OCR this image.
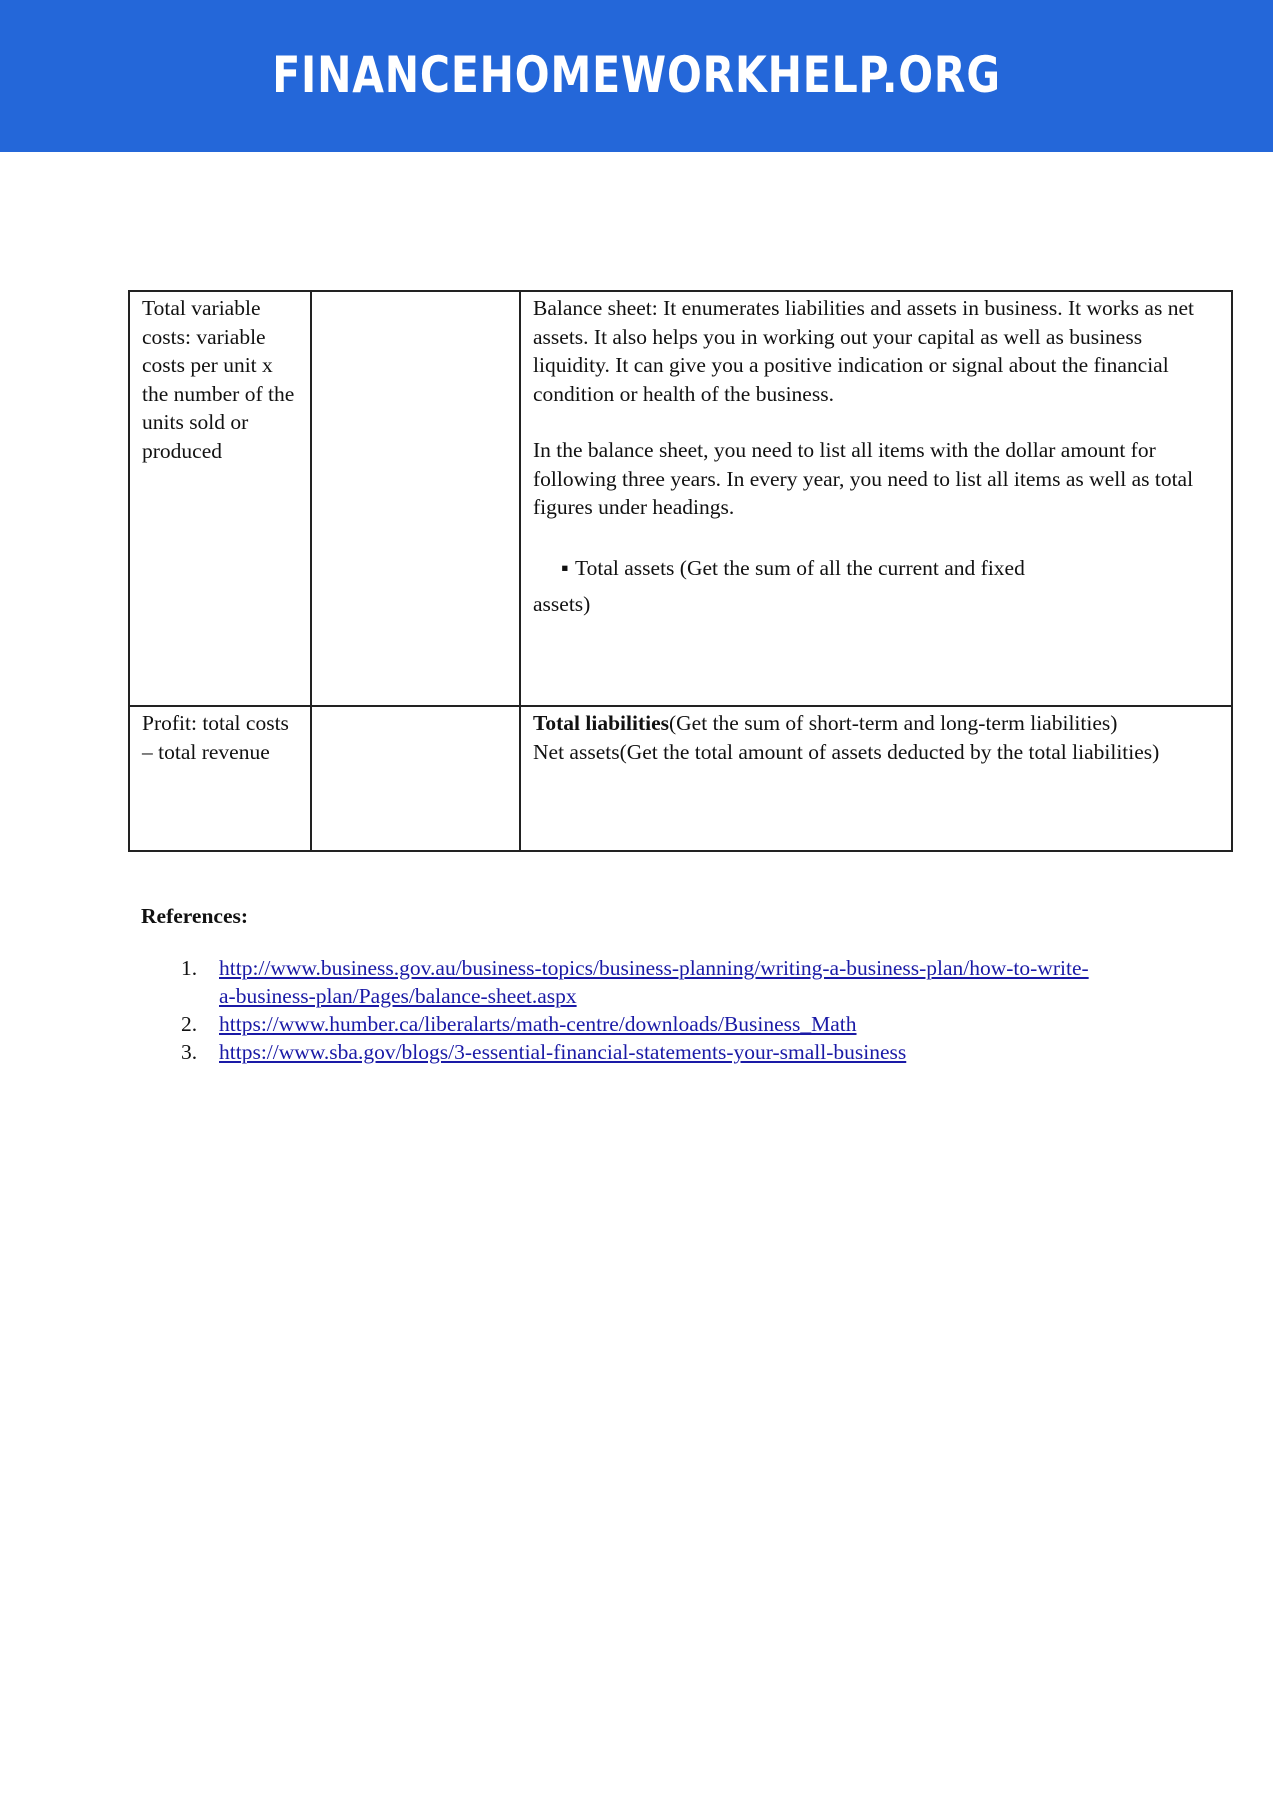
FINANCEHOMEWORKHELP.ORG

Total variable costs: variable costs per unit x the number of the units sold or produced		Balance sheet: It enumerates liabilities and assets in business. It works as net assets. It also helps you in working out your capital as well as business liquidity. It can give you a positive indication or signal about the financial condition or health of the business.

In the balance sheet, you need to list all items with the dollar amount for following three years. In every year, you need to list all items as well as total figures under headings.

▪ Total assets (Get the sum of all the current and fixed

assets)

Profit: total costs – total revenue		Total liabilities(Get the sum of short-term and long-term liabilities)

Net assets(Get the total amount of assets deducted by the total liabilities)

References:

1. http://www.business.gov.au/business-topics/business-planning/writing-a-business-plan/how-to-write-a-business-plan/Pages/balance-sheet.aspx
2. https://www.humber.ca/liberalarts/math-centre/downloads/Business_Math
3. https://www.sba.gov/blogs/3-essential-financial-statements-your-small-business
